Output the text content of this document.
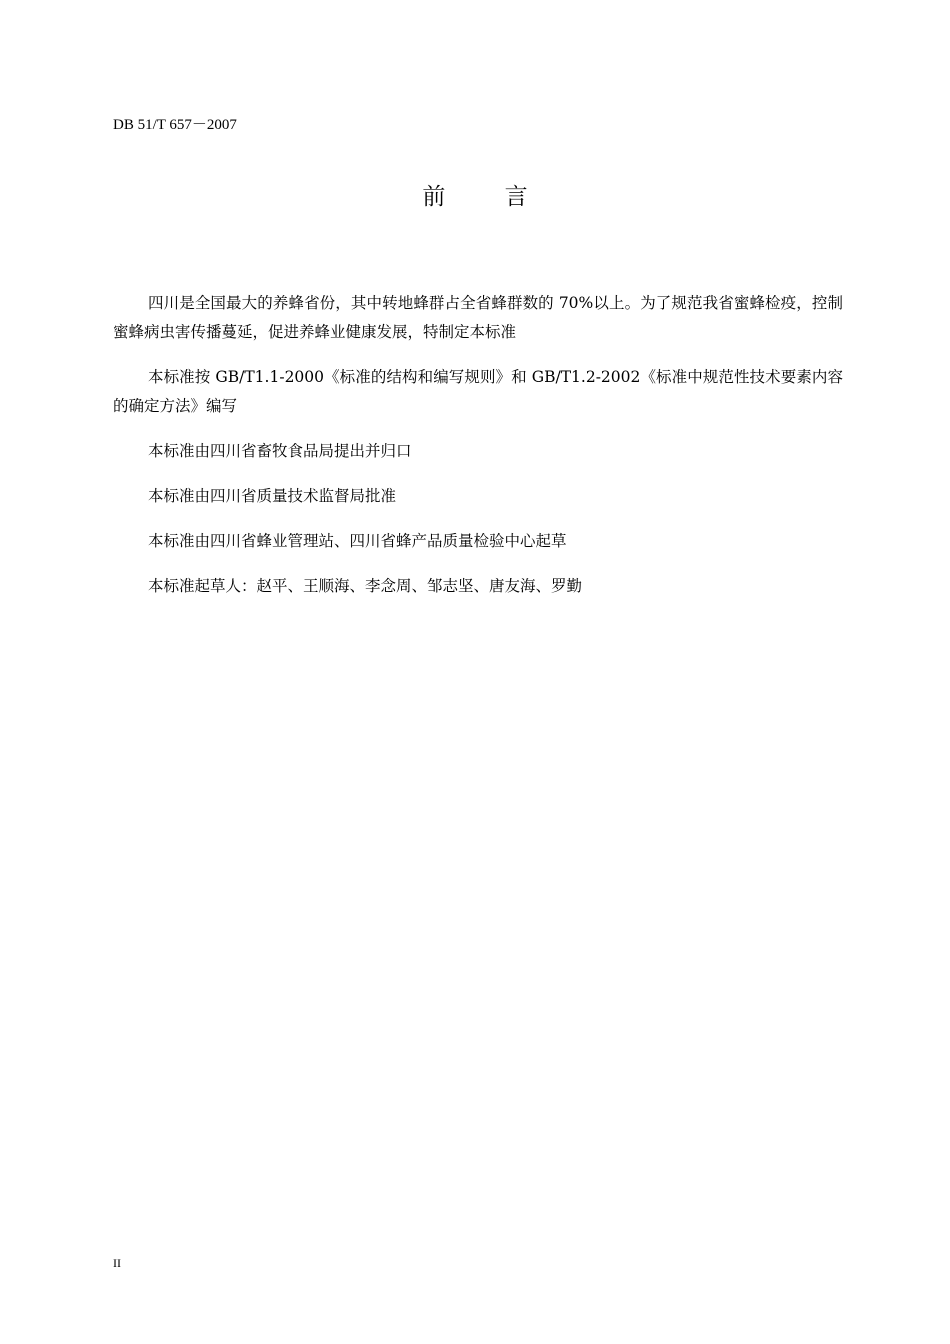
DB 51/T 657－2007
前 言

四川是全国最大的养蜂省份，其中转地蜂群占全省蜂群数的 70%以上。为了规范我省蜜蜂检疫，控制蜜蜂病虫害传播蔓延，促进养蜂业健康发展，特制定本标准

本标准按 GB/T1.1-2000《标准的结构和编写规则》和 GB/T1.2-2002《标准中规范性技术要素内容的确定方法》编写

本标准由四川省畜牧食品局提出并归口

本标准由四川省质量技术监督局批准

本标准由四川省蜂业管理站、四川省蜂产品质量检验中心起草

本标准起草人：赵平、王顺海、李念周、邹志坚、唐友海、罗勤

II
